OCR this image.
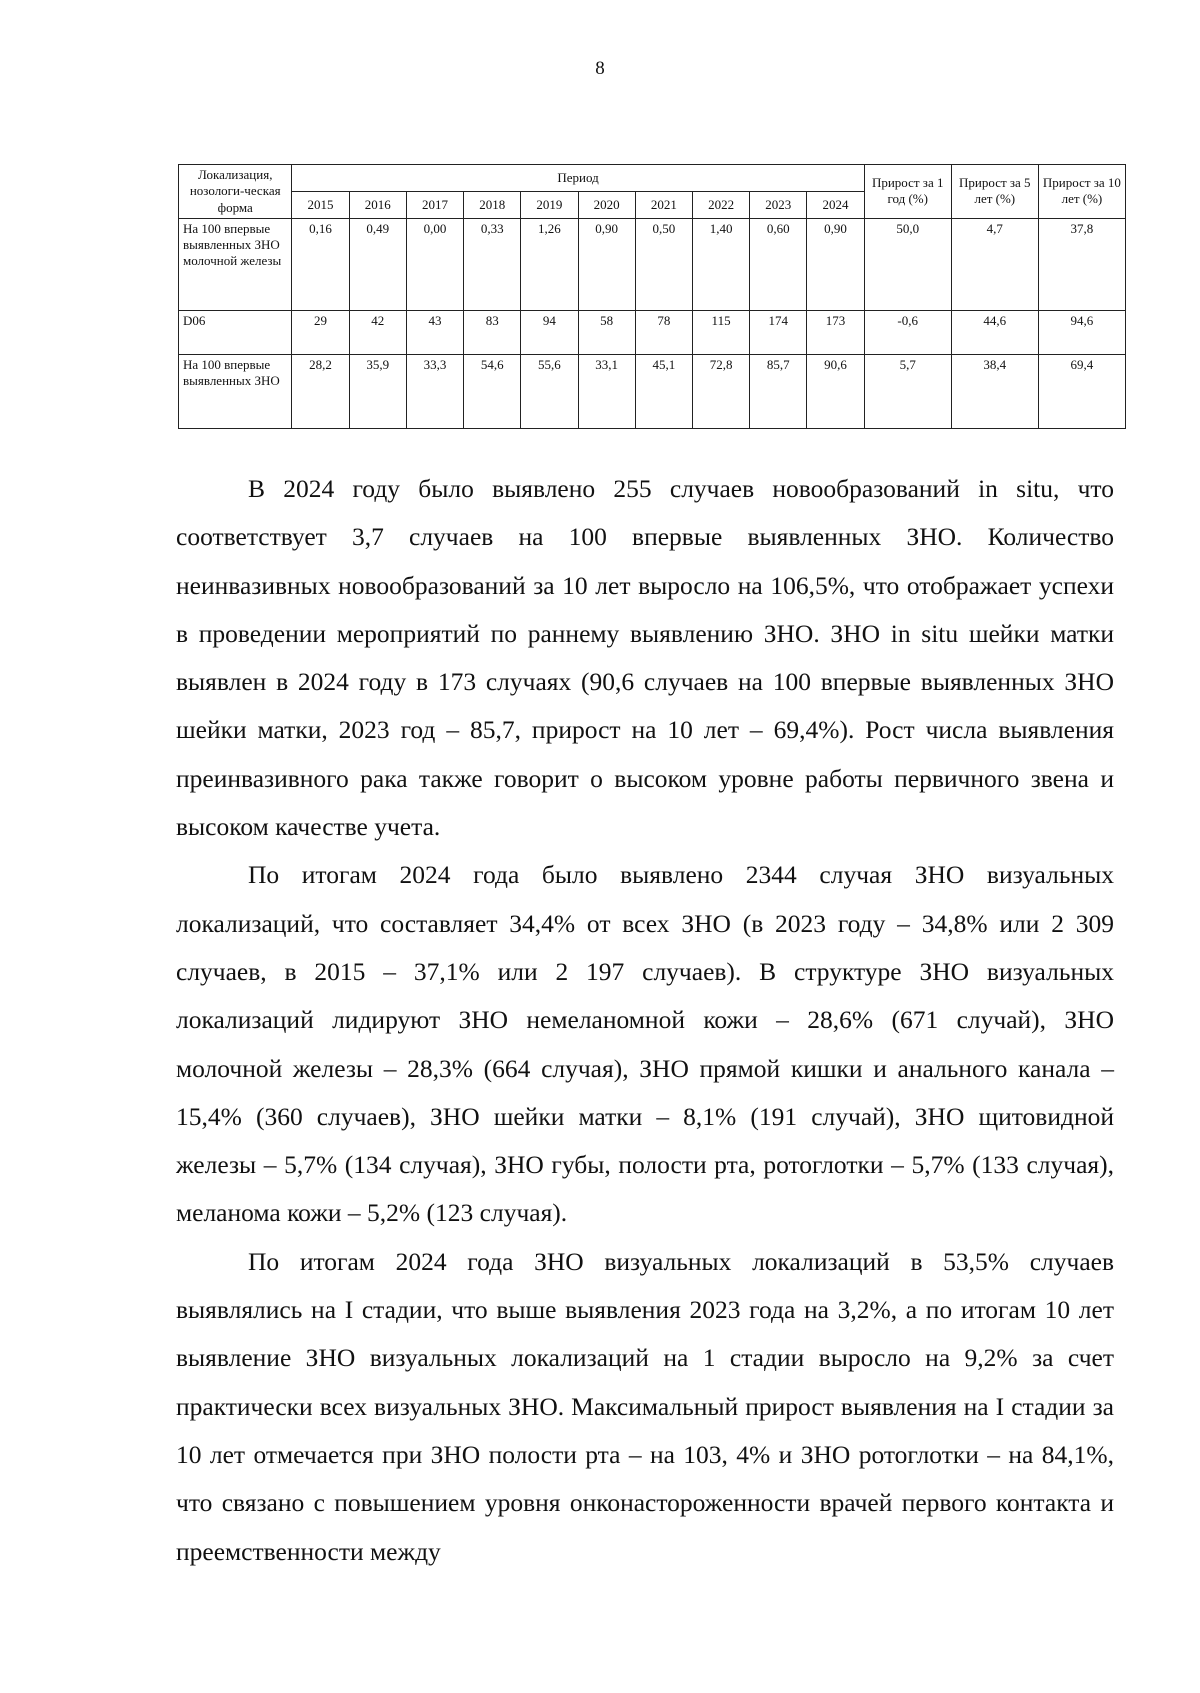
8
Локализация, нозологи-ческая форма	Период										Прирост за 1 год (%)	Прирост за 5 лет (%)	Прирост за 10 лет (%)
	2015	2016	2017	2018	2019	2020	2021	2022	2023	2024			
На 100 впервые выявленных ЗНО молочной железы	0,16	0,49	0,00	0,33	1,26	0,90	0,50	1,40	0,60	0,90	50,0	4,7	37,8
D06	29	42	43	83	94	58	78	115	174	173	-0,6	44,6	94,6
На 100 впервые выявленных ЗНО	28,2	35,9	33,3	54,6	55,6	33,1	45,1	72,8	85,7	90,6	5,7	38,4	69,4

В 2024 году было выявлено 255 случаев новообразований in situ, что соответствует 3,7 случаев на 100 впервые выявленных ЗНО. Количество неинвазивных новообразований за 10 лет выросло на 106,5%, что отображает успехи в проведении мероприятий по раннему выявлению ЗНО. ЗНО in situ шейки матки выявлен в 2024 году в 173 случаях (90,6 случаев на 100 впервые выявленных ЗНО шейки матки, 2023 год – 85,7, прирост на 10 лет – 69,4%). Рост числа выявления преинвазивного рака также говорит о высоком уровне работы первичного звена и высоком качестве учета.

По итогам 2024 года было выявлено 2344 случая ЗНО визуальных локализаций, что составляет 34,4% от всех ЗНО (в 2023 году – 34,8% или 2 309 случаев, в 2015 – 37,1% или 2 197 случаев). В структуре ЗНО визуальных локализаций лидируют ЗНО немеланомной кожи – 28,6% (671 случай), ЗНО молочной железы – 28,3% (664 случая), ЗНО прямой кишки и анального канала – 15,4% (360 случаев), ЗНО шейки матки – 8,1% (191 случай), ЗНО щитовидной железы – 5,7% (134 случая), ЗНО губы, полости рта, ротоглотки – 5,7% (133 случая), меланома кожи – 5,2% (123 случая).

По итогам 2024 года ЗНО визуальных локализаций в 53,5% случаев выявлялись на I стадии, что выше выявления 2023 года на 3,2%, а по итогам 10 лет выявление ЗНО визуальных локализаций на 1 стадии выросло на 9,2% за счет практически всех визуальных ЗНО. Максимальный прирост выявления на I стадии за 10 лет отмечается при ЗНО полости рта – на 103, 4% и ЗНО ротоглотки – на 84,1%, что связано с повышением уровня онконастороженности врачей первого контакта и преемственности между
